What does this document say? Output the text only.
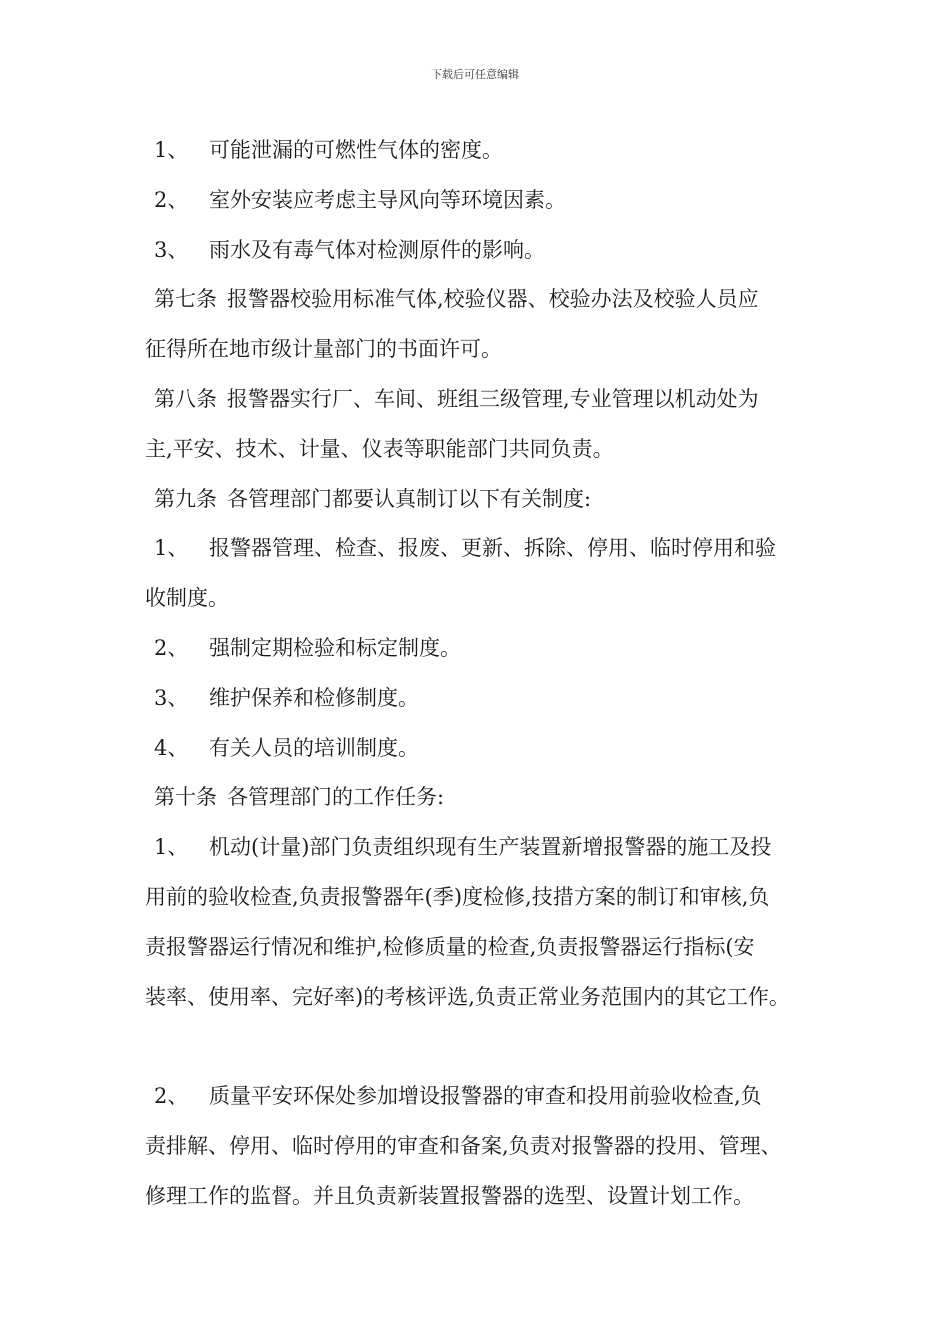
下载后可任意编辑
1、 可能泄漏的可燃性气体的密度。
2、 室外安装应考虑主导风向等环境因素。
3、 雨水及有毒气体对检测原件的影响。
第七条 报警器校验用标准气体,校验仪器、校验办法及校验人员应
征得所在地市级计量部门的书面许可。
第八条 报警器实行厂、车间、班组三级管理,专业管理以机动处为
主,平安、技术、计量、仪表等职能部门共同负责。
第九条 各管理部门都要认真制订以下有关制度:
1、 报警器管理、检查、报废、更新、拆除、停用、临时停用和验
收制度。
2、 强制定期检验和标定制度。
3、 维护保养和检修制度。
4、 有关人员的培训制度。
第十条 各管理部门的工作任务:
1、 机动(计量)部门负责组织现有生产装置新增报警器的施工及投
用前的验收检查,负责报警器年(季)度检修,技措方案的制订和审核,负
责报警器运行情况和维护,检修质量的检查,负责报警器运行指标(安
装率、使用率、完好率)的考核评选,负责正常业务范围内的其它工作。
2、 质量平安环保处参加增设报警器的审查和投用前验收检查,负
责排解、停用、临时停用的审查和备案,负责对报警器的投用、管理、
修理工作的监督。并且负责新装置报警器的选型、设置计划工作。
